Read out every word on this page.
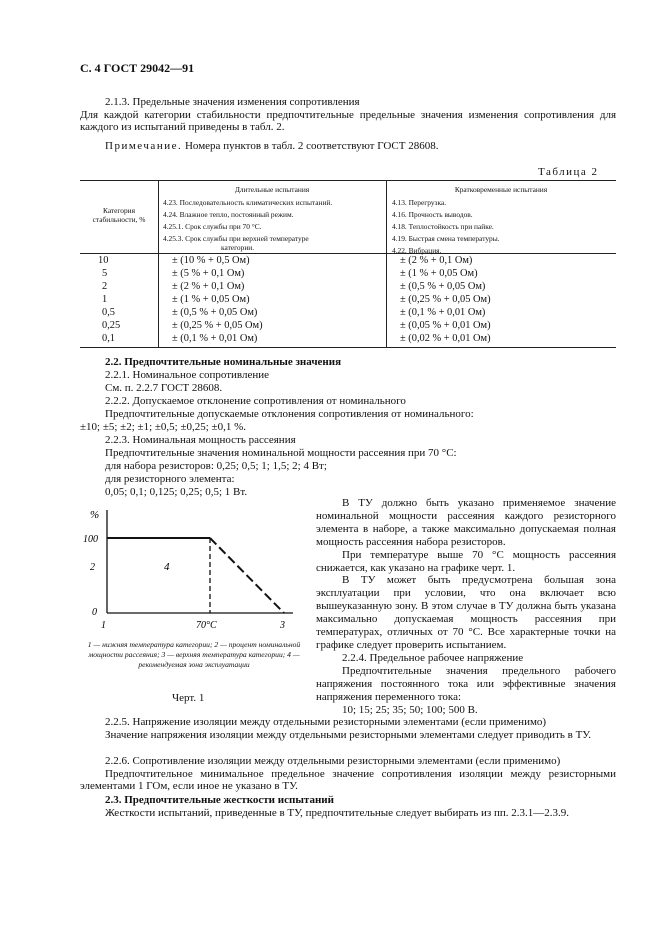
С. 4 ГОСТ 29042—91
2.1.3. Предельные значения изменения сопротивления
Для каждой категории стабильности предпочтительные предельные значения изменения сопротивления для каждого из испытаний приведены в табл. 2.
Примечание. Номера пунктов в табл. 2 соответствуют ГОСТ 28608.
Таблица 2
Категория стабильности, %
Длительные испытания
4.23. Последовательность климатических испытаний.
4.24. Влажное тепло, постоянный режим.
4.25.1. Срок службы при 70 °С.
4.25.3. Срок службы при верхней температуре
категории.
Кратковременные испытания
4.13. Перегрузка.
4.16. Прочность выводов.
4.18. Теплостойкость при пайке.
4.19. Быстрая смена температуры.
4.22. Вибрация.
10	± (10 % + 0,5 Ом)	± (2 % + 0,1 Ом)
5	± (5 % + 0,1 Ом)	± (1 % + 0,05 Ом)
2	± (2 % + 0,1 Ом)	± (0,5 % + 0,05 Ом)
1	± (1 % + 0,05 Ом)	± (0,25 % + 0,05 Ом)
0,5	± (0,5 % + 0,05 Ом)	± (0,1 % + 0,01 Ом)
0,25	± (0,25 % + 0,05 Ом)	± (0,05 % + 0,01 Ом)
0,1	± (0,1 % + 0,01 Ом)	± (0,02 % + 0,01 Ом)
2.2. Предпочтительные номинальные значения
2.2.1. Номинальное сопротивление
См. п. 2.2.7 ГОСТ 28608.
2.2.2. Допускаемое отклонение сопротивления от номинального
Предпочтительные допускаемые отклонения сопротивления от номинального:
±10; ±5; ±2; ±1; ±0,5; ±0,25; ±0,1 %.
2.2.3. Номинальная мощность рассеяния
Предпочтительные значения номинальной мощности рассеяния при 70 °С:
для набора резисторов: 0,25; 0,5; 1; 1,5; 2; 4 Вт;
для резисторного элемента:
0,05; 0,1; 0,125; 0,25; 0,5; 1 Вт.
%
100
2
0
4
1	70°С	3
1 — нижняя температура категории; 2 — процент номинальной мощности рассеяния; 3 — верхняя температура категории; 4 — рекомендуемая зона эксплуатации
Черт. 1
В ТУ должно быть указано применяемое значение номинальной мощности рассеяния каждого резисторного элемента в наборе, а также максимально допускаемая полная мощность рассеяния набора резисторов.
При температуре выше 70 °С мощность рассеяния снижается, как указано на графике черт. 1.
В ТУ может быть предусмотрена большая зона эксплуатации при условии, что она включает всю вышеуказанную зону. В этом случае в ТУ должна быть указана максимально допускаемая мощность рассеяния при температурах, отличных от 70 °С. Все характерные точки на графике следует проверить испытанием.
2.2.4. Предельное рабочее напряжение
Предпочтительные значения предельного рабочего напряжения постоянного тока или эффективные значения напряжения переменного тока:
10; 15; 25; 35; 50; 100; 500 В.
2.2.5. Напряжение изоляции между отдельными резисторными элементами (если применимо)
Значение напряжения изоляции между отдельными резисторными элементами следует приводить в ТУ.
2.2.6. Сопротивление изоляции между отдельными резисторными элементами (если применимо)
Предпочтительное минимальное предельное значение сопротивления изоляции между резисторными элементами 1 ГОм, если иное не указано в ТУ.
2.3. Предпочтительные жесткости испытаний
Жесткости испытаний, приведенные в ТУ, предпочтительные следует выбирать из пп. 2.3.1—2.3.9.
